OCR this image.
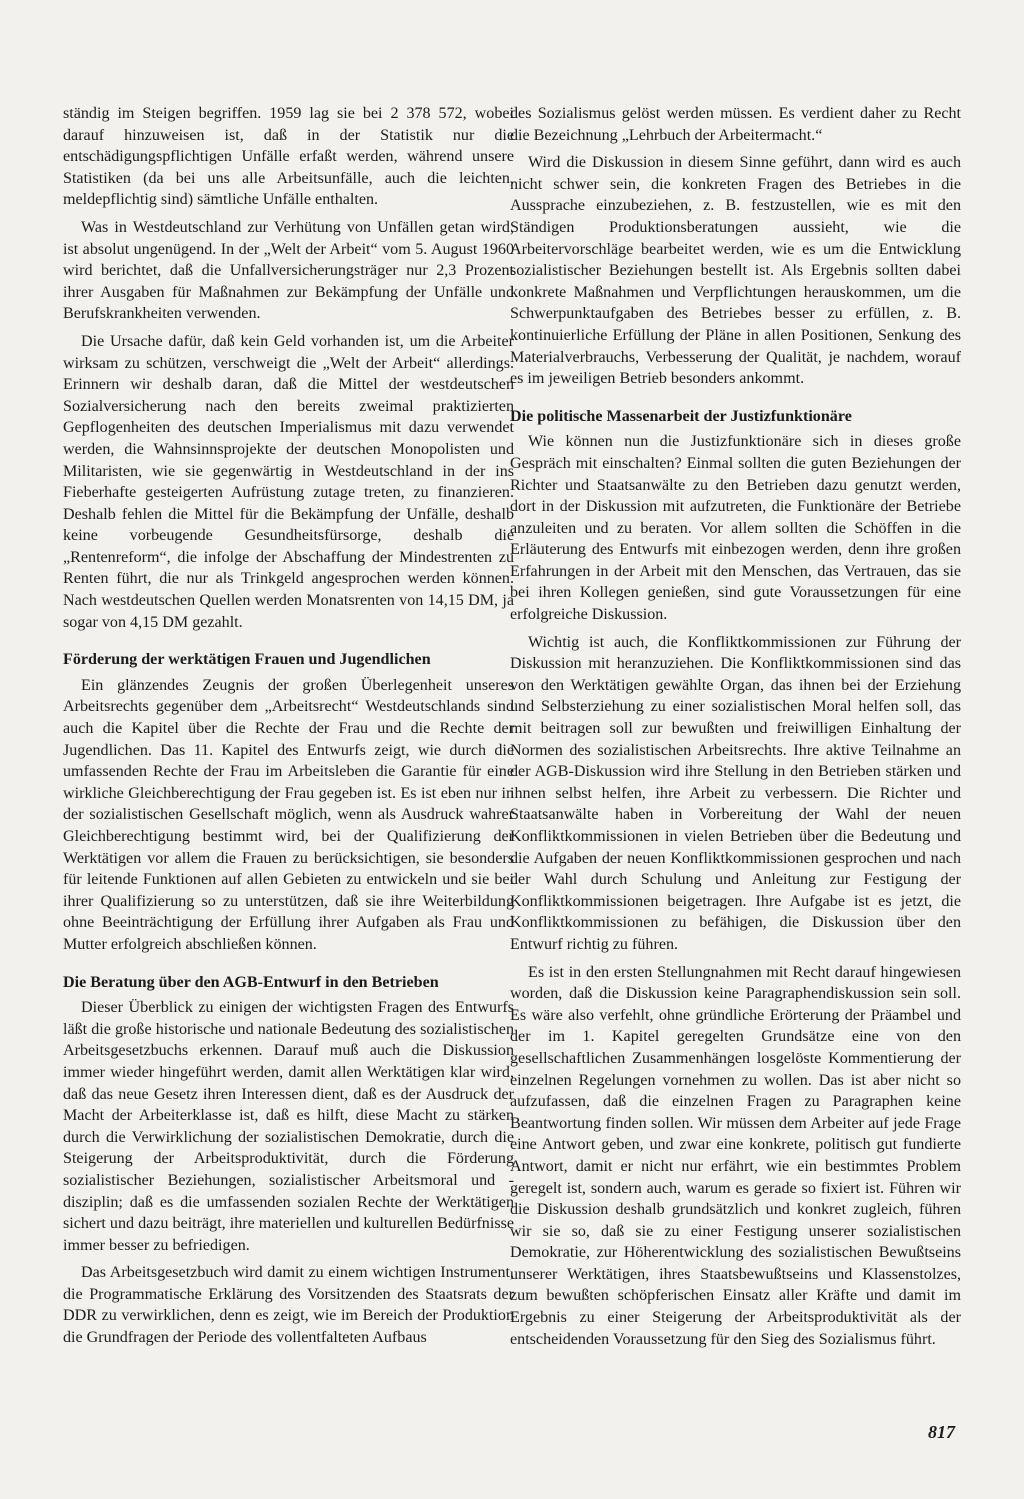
ständig im Steigen begriffen. 1959 lag sie bei 2 378 572, wobei darauf hinzuweisen ist, daß in der Statistik nur die entschädigungspflichtigen Unfälle erfaßt werden, während unsere Statistiken (da bei uns alle Arbeitsunfälle, auch die leichten, meldepflichtig sind) sämtliche Unfälle enthalten.

Was in Westdeutschland zur Verhütung von Unfällen getan wird, ist absolut ungenügend. In der „Welt der Arbeit“ vom 5. August 1960 wird berichtet, daß die Unfallversicherungsträger nur 2,3 Prozent ihrer Ausgaben für Maßnahmen zur Bekämpfung der Unfälle und Berufskrankheiten verwenden.

Die Ursache dafür, daß kein Geld vorhanden ist, um die Arbeiter wirksam zu schützen, verschweigt die „Welt der Arbeit“ allerdings. Erinnern wir deshalb daran, daß die Mittel der westdeutschen Sozialversicherung nach den bereits zweimal praktizierten Gepflogenheiten des deutschen Imperialismus mit dazu verwendet werden, die Wahnsinnsprojekte der deutschen Monopolisten und Militaristen, wie sie gegenwärtig in Westdeutschland in der ins Fieberhafte gesteigerten Aufrüstung zutage treten, zu finanzieren. Deshalb fehlen die Mittel für die Bekämpfung der Unfälle, deshalb keine vorbeugende Gesundheitsfürsorge, deshalb die „Rentenreform“, die infolge der Abschaffung der Mindestrenten zu Renten führt, die nur als Trinkgeld angesprochen werden können. Nach westdeutschen Quellen werden Monatsrenten von 14,15 DM, ja sogar von 4,15 DM gezahlt.

Förderung der werktätigen Frauen und Jugendlichen

Ein glänzendes Zeugnis der großen Überlegenheit unseres Arbeitsrechts gegenüber dem „Arbeitsrecht“ Westdeutschlands sind auch die Kapitel über die Rechte der Frau und die Rechte der Jugendlichen. Das 11. Kapitel des Entwurfs zeigt, wie durch die umfassenden Rechte der Frau im Arbeitsleben die Garantie für eine wirkliche Gleichberechtigung der Frau gegeben ist. Es ist eben nur in der sozialistischen Gesellschaft möglich, wenn als Ausdruck wahrer Gleichberechtigung bestimmt wird, bei der Qualifizierung der Werktätigen vor allem die Frauen zu berücksichtigen, sie besonders für leitende Funktionen auf allen Gebieten zu entwickeln und sie bei ihrer Qualifizierung so zu unterstützen, daß sie ihre Weiterbildung ohne Beeinträchtigung der Erfüllung ihrer Aufgaben als Frau und Mutter erfolgreich abschließen können.

Die Beratung über den AGB-Entwurf in den Betrieben

Dieser Überblick zu einigen der wichtigsten Fragen des Entwurfs läßt die große historische und nationale Bedeutung des sozialistischen Arbeitsgesetzbuchs erkennen. Darauf muß auch die Diskussion immer wieder hingeführt werden, damit allen Werktätigen klar wird, daß das neue Gesetz ihren Interessen dient, daß es der Ausdruck der Macht der Arbeiterklasse ist, daß es hilft, diese Macht zu stärken durch die Verwirklichung der sozialistischen Demokratie, durch die Steigerung der Arbeitsproduktivität, durch die Förderung sozialistischer Beziehungen, sozialistischer Arbeitsmoral und -disziplin; daß es die umfassenden sozialen Rechte der Werktätigen sichert und dazu beiträgt, ihre materiellen und kulturellen Bedürfnisse immer besser zu befriedigen.

Das Arbeitsgesetzbuch wird damit zu einem wichtigen Instrument, die Programmatische Erklärung des Vorsitzenden des Staatsrats der DDR zu verwirklichen, denn es zeigt, wie im Bereich der Produktion die Grundfragen der Periode des vollentfalteten Aufbaus

des Sozialismus gelöst werden müssen. Es verdient daher zu Recht die Bezeichnung „Lehrbuch der Arbeitermacht.“

Wird die Diskussion in diesem Sinne geführt, dann wird es auch nicht schwer sein, die konkreten Fragen des Betriebes in die Aussprache einzubeziehen, z. B. festzustellen, wie es mit den Ständigen Produktionsberatungen aussieht, wie die Arbeitervorschläge bearbeitet werden, wie es um die Entwicklung sozialistischer Beziehungen bestellt ist. Als Ergebnis sollten dabei konkrete Maßnahmen und Verpflichtungen herauskommen, um die Schwerpunktaufgaben des Betriebes besser zu erfüllen, z. B. kontinuierliche Erfüllung der Pläne in allen Positionen, Senkung des Materialverbrauchs, Verbesserung der Qualität, je nachdem, worauf es im jeweiligen Betrieb besonders ankommt.

Die politische Massenarbeit der Justizfunktionäre

Wie können nun die Justizfunktionäre sich in dieses große Gespräch mit einschalten? Einmal sollten die guten Beziehungen der Richter und Staatsanwälte zu den Betrieben dazu genutzt werden, dort in der Diskussion mit aufzutreten, die Funktionäre der Betriebe anzuleiten und zu beraten. Vor allem sollten die Schöffen in die Erläuterung des Entwurfs mit einbezogen werden, denn ihre großen Erfahrungen in der Arbeit mit den Menschen, das Vertrauen, das sie bei ihren Kollegen genießen, sind gute Voraussetzungen für eine erfolgreiche Diskussion.

Wichtig ist auch, die Konfliktkommissionen zur Führung der Diskussion mit heranzuziehen. Die Konfliktkommissionen sind das von den Werktätigen gewählte Organ, das ihnen bei der Erziehung und Selbsterziehung zu einer sozialistischen Moral helfen soll, das mit beitragen soll zur bewußten und freiwilligen Einhaltung der Normen des sozialistischen Arbeitsrechts. Ihre aktive Teilnahme an der AGB-Diskussion wird ihre Stellung in den Betrieben stärken und ihnen selbst helfen, ihre Arbeit zu verbessern. Die Richter und Staatsanwälte haben in Vorbereitung der Wahl der neuen Konfliktkommissionen in vielen Betrieben über die Bedeutung und die Aufgaben der neuen Konfliktkommissionen gesprochen und nach der Wahl durch Schulung und Anleitung zur Festigung der Konfliktkommissionen beigetragen. Ihre Aufgabe ist es jetzt, die Konfliktkommissionen zu befähigen, die Diskussion über den Entwurf richtig zu führen.

Es ist in den ersten Stellungnahmen mit Recht darauf hingewiesen worden, daß die Diskussion keine Paragraphendiskussion sein soll. Es wäre also verfehlt, ohne gründliche Erörterung der Präambel und der im 1. Kapitel geregelten Grundsätze eine von den gesellschaftlichen Zusammenhängen losgelöste Kommentierung der einzelnen Regelungen vornehmen zu wollen. Das ist aber nicht so aufzufassen, daß die einzelnen Fragen zu Paragraphen keine Beantwortung finden sollen. Wir müssen dem Arbeiter auf jede Frage eine Antwort geben, und zwar eine konkrete, politisch gut fundierte Antwort, damit er nicht nur erfährt, wie ein bestimmtes Problem geregelt ist, sondern auch, warum es gerade so fixiert ist. Führen wir die Diskussion deshalb grundsätzlich und konkret zugleich, führen wir sie so, daß sie zu einer Festigung unserer sozialistischen Demokratie, zur Höherentwicklung des sozialistischen Bewußtseins unserer Werktätigen, ihres Staatsbewußtseins und Klassenstolzes, zum bewußten schöpferischen Einsatz aller Kräfte und damit im Ergebnis zu einer Steigerung der Arbeitsproduktivität als der entscheidenden Voraussetzung für den Sieg des Sozialismus führt.

817
